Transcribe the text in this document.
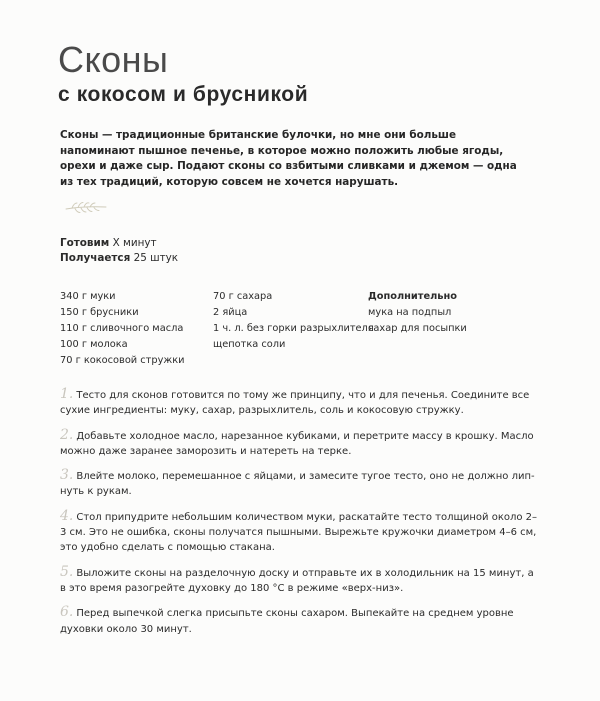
Сконы
с кокосом и брусникой

Сконы — традиционные британские булочки, но мне они больше напоминают пышное печенье, в которое можно положить любые ягоды, орехи и даже сыр. Подают сконы со взбитыми сливками и джемом — одна из тех традиций, которую совсем не хочется нарушать.

Готовим Х минут
Получается 25 штук
340 г муки
150 г брусники
110 г сливочного масла
100 г молока
70 г кокосовой стружки
70 г сахара
2 яйца
1 ч. л. без горки разрыхлителя
щепотка соли
Дополнительно
мука на подпыл
сахар для посыпки

1. Тесто для сконов готовится по тому же принципу, что и для печенья. Соедините все сухие ингредиенты: муку, сахар, разрыхлитель, соль и кокосовую стружку.

2. Добавьте холодное масло, нарезанное кубиками, и перетрите массу в крошку. Масло можно даже заранее заморозить и натереть на терке.

3. Влейте молоко, перемешанное с яйцами, и замесите тугое тесто, оно не должно липнуть к рукам.

4. Стол припудрите небольшим количеством муки, раскатайте тесто толщиной около 2–3 см. Это не ошибка, сконы получатся пышными. Вырежьте кружочки диаметром 4–6 см, это удобно сделать с помощью стакана.

5. Выложите сконы на разделочную доску и отправьте их в холодильник на 15 минут, а в это время разогрейте духовку до 180 °С в режиме «верх-низ».

6. Перед выпечкой слегка присыпьте сконы сахаром. Выпекайте на среднем уровне духовки около 30 минут.
